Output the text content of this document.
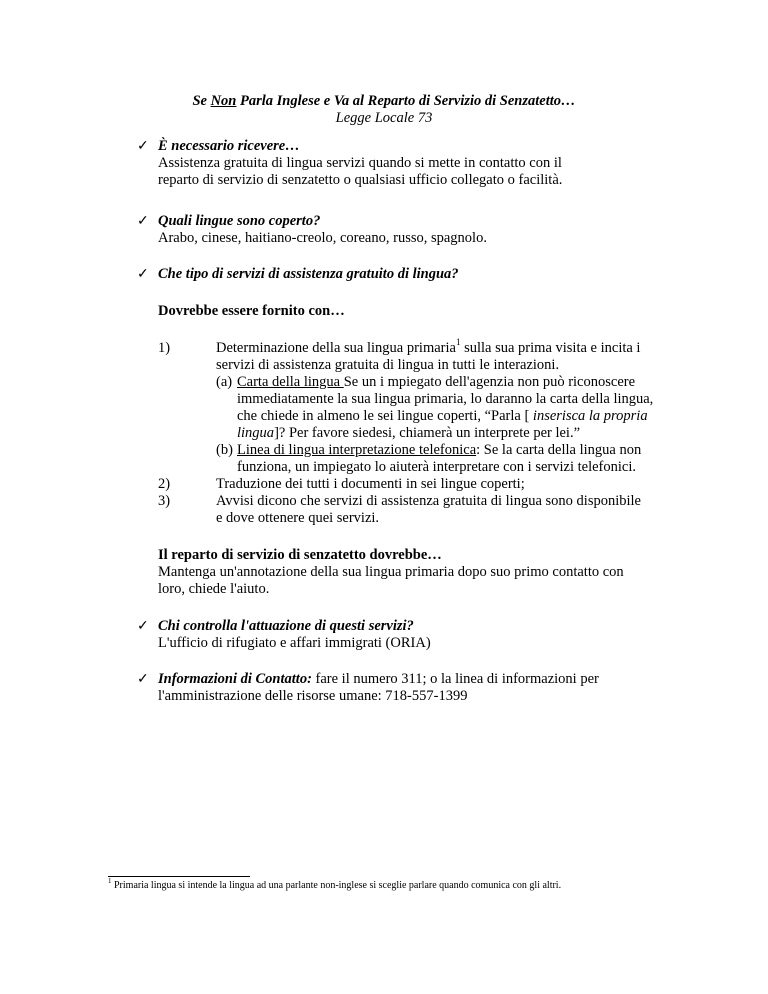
Se Non Parla Inglese e Va al Reparto di Servizio di Senzatetto…
Legge Locale 73
✓ È necessario ricevere…
Assistenza gratuita di lingua servizi quando si mette in contatto con il
reparto di servizio di senzatetto o qualsiasi ufficio collegato o facilità.
✓ Quali lingue sono coperto?
Arabo, cinese, haitiano-creolo, coreano, russo, spagnolo.
✓ Che tipo di servizi di assistenza gratuito di lingua?
Dovrebbe essere fornito con…
1)	Determinazione della sua lingua primaria$^1$ sulla sua prima visita e incita i
servizi di assistenza gratuita di lingua in tutti le interazioni.
(a) Carta della lingua Se un i mpiegato dell'agenzia non può riconoscere
immediatamente la sua lingua primaria, lo daranno la carta della lingua,
che chiede in almeno le sei lingue coperti, “Parla [ inserisca la propria
lingua]? Per favore siedesi, chiamerà un interprete per lei.”
(b) Linea di lingua interpretazione telefonica: Se la carta della lingua non
funziona, un impiegato lo aiuterà interpretare con i servizi telefonici.
2)	Traduzione dei tutti i documenti in sei lingue coperti;
3)	Avvisi dicono che servizi di assistenza gratuita di lingua sono disponibile
e dove ottenere quei servizi.
Il reparto di servizio di senzatetto dovrebbe…
Mantenga un'annotazione della sua lingua primaria dopo suo primo contatto con
loro, chiede l'aiuto.
✓ Chi controlla l'attuazione di questi servizi?
L'ufficio di rifugiato e affari immigrati (ORIA)
✓ Informazioni di Contatto: fare il numero 311; o la linea di informazioni per
l'amministrazione delle risorse umane: 718-557-1399
$^1$ Primaria lingua si intende la lingua ad una parlante non-inglese si sceglie parlare quando comunica con gli altri.
